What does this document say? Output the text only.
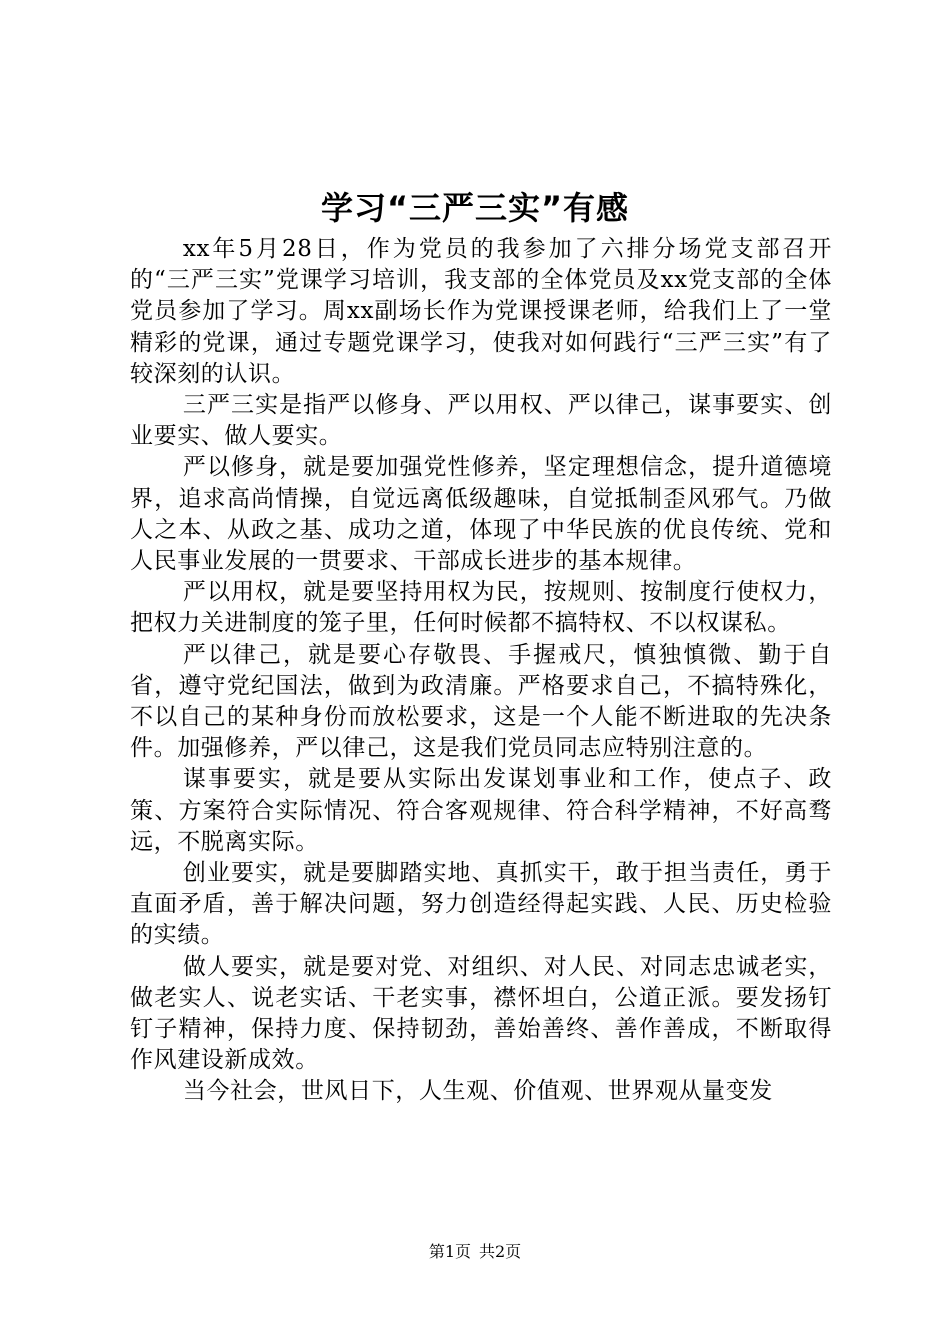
学习“三严三实”有感

xx年5月28日，作为党员的我参加了六排分场党支部召开的“三严三实”党课学习培训，我支部的全体党员及xx党支部的全体党员参加了学习。周xx副场长作为党课授课老师，给我们上了一堂精彩的党课，通过专题党课学习，使我对如何践行“三严三实”有了较深刻的认识。

三严三实是指严以修身、严以用权、严以律己，谋事要实、创业要实、做人要实。

严以修身，就是要加强党性修养，坚定理想信念，提升道德境界，追求高尚情操，自觉远离低级趣味，自觉抵制歪风邪气。乃做人之本、从政之基、成功之道，体现了中华民族的优良传统、党和人民事业发展的一贯要求、干部成长进步的基本规律。

严以用权，就是要坚持用权为民，按规则、按制度行使权力，把权力关进制度的笼子里，任何时候都不搞特权、不以权谋私。

严以律己，就是要心存敬畏、手握戒尺，慎独慎微、勤于自省，遵守党纪国法，做到为政清廉。严格要求自己，不搞特殊化，不以自己的某种身份而放松要求，这是一个人能不断进取的先决条件。加强修养，严以律己，这是我们党员同志应特别注意的。

谋事要实，就是要从实际出发谋划事业和工作，使点子、政策、方案符合实际情况、符合客观规律、符合科学精神，不好高骛远，不脱离实际。

创业要实，就是要脚踏实地、真抓实干，敢于担当责任，勇于直面矛盾，善于解决问题，努力创造经得起实践、人民、历史检验的实绩。

做人要实，就是要对党、对组织、对人民、对同志忠诚老实，做老实人、说老实话、干老实事，襟怀坦白，公道正派。要发扬钉钉子精神，保持力度、保持韧劲，善始善终、善作善成，不断取得作风建设新成效。

当今社会，世风日下，人生观、价值观、世界观从量变发

第1页 共2页
